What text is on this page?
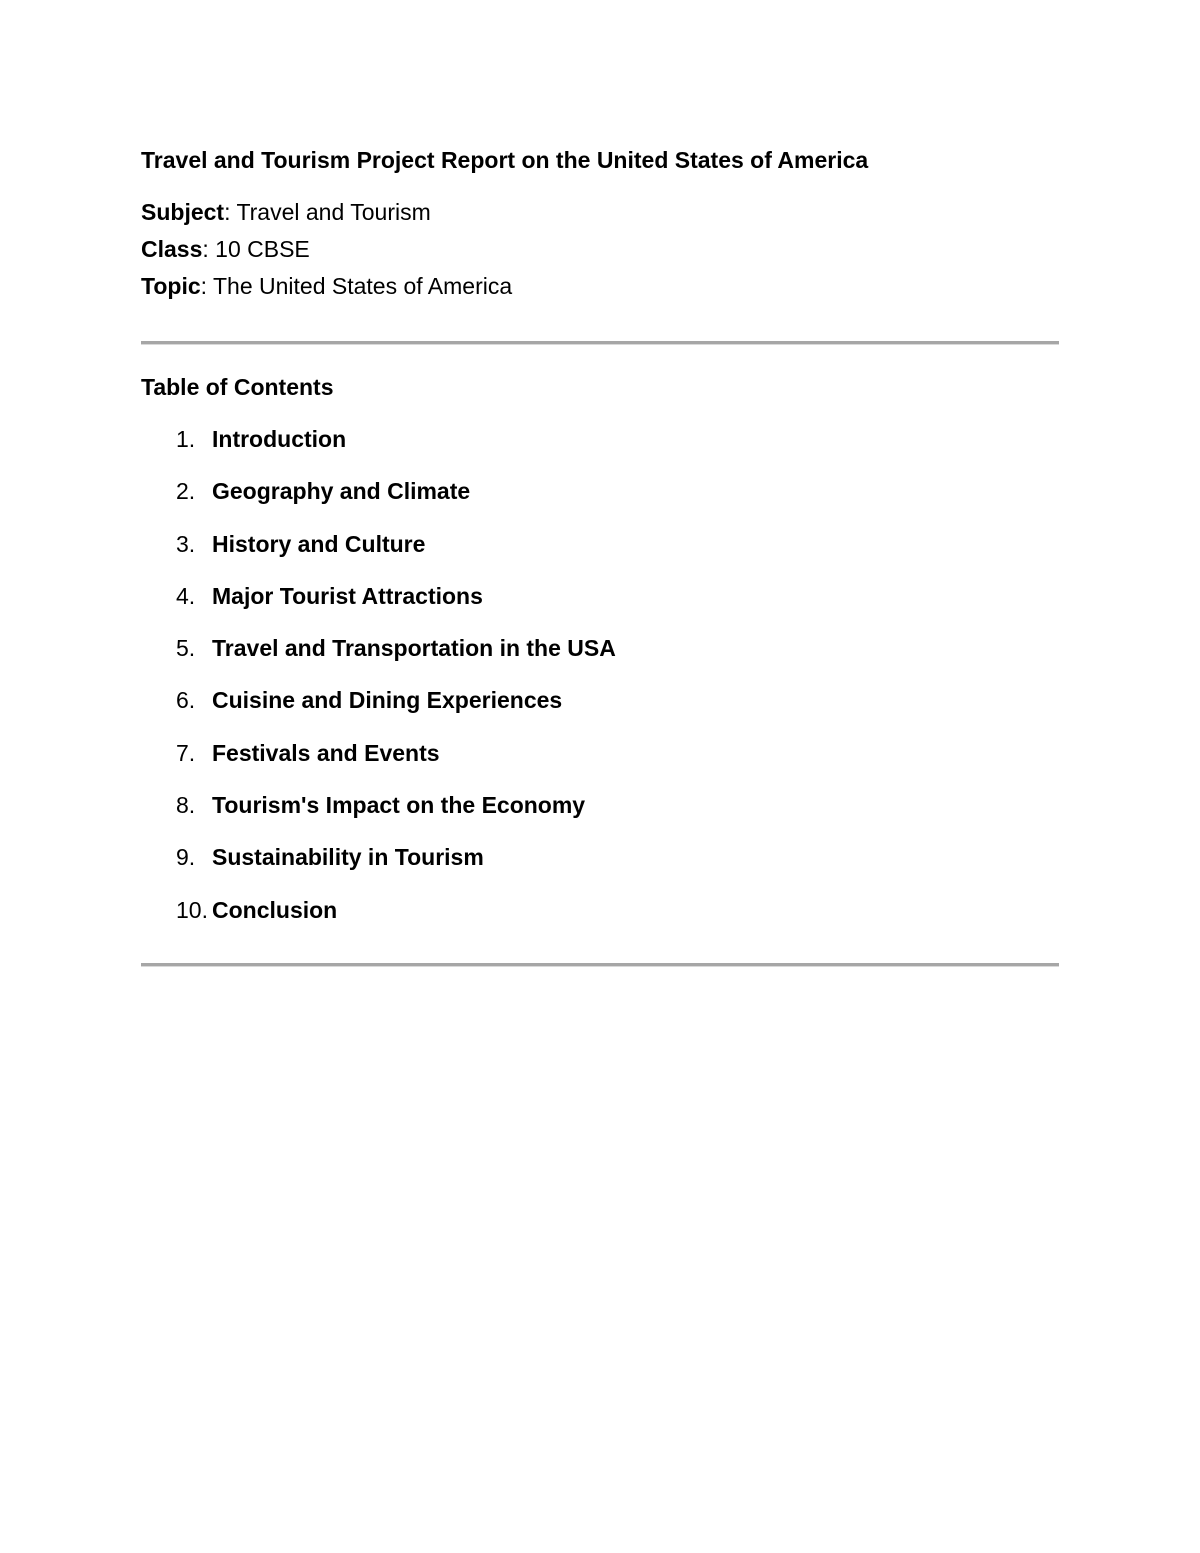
Travel and Tourism Project Report on the United States of America
Subject: Travel and Tourism
Class: 10 CBSE
Topic: The United States of America
Table of Contents
1. Introduction
2. Geography and Climate
3. History and Culture
4. Major Tourist Attractions
5. Travel and Transportation in the USA
6. Cuisine and Dining Experiences
7. Festivals and Events
8. Tourism's Impact on the Economy
9. Sustainability in Tourism
10. Conclusion
